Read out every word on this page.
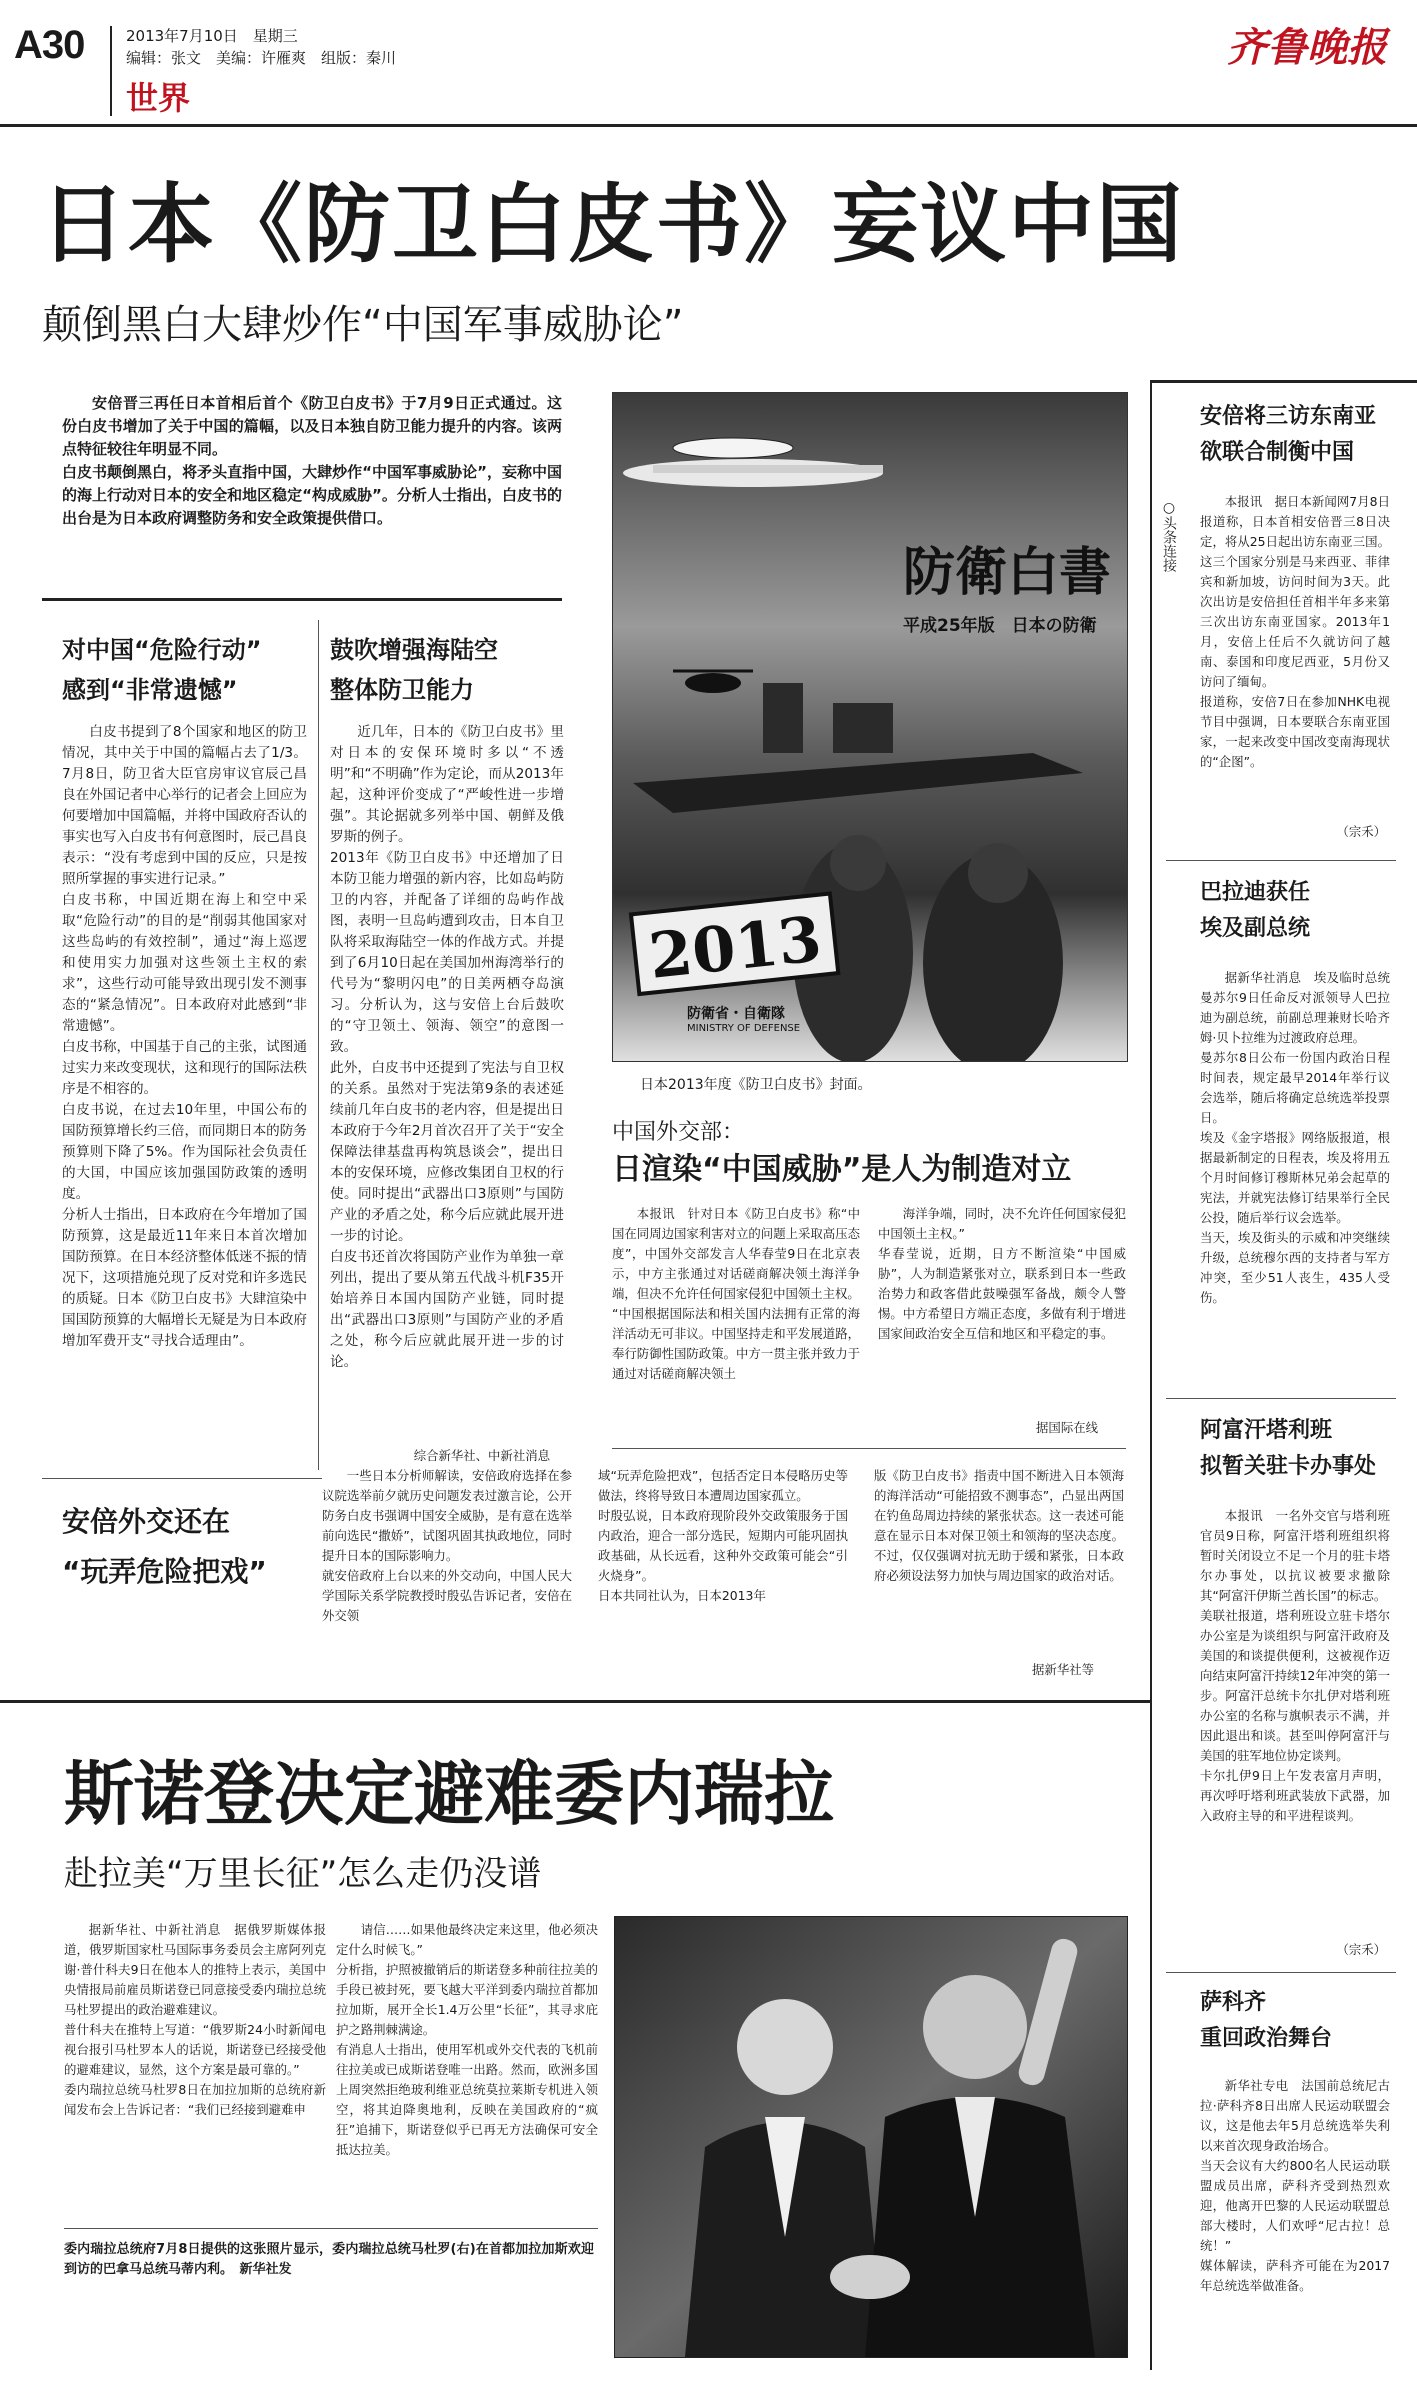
A30	2013年7月10日　星期三
编辑：张文　美编：许雁爽　组版：秦川
世界
齐鲁晚报
日本《防卫白皮书》妄议中国
颠倒黑白大肆炒作“中国军事威胁论”

安倍晋三再任日本首相后首个《防卫白皮书》于7月9日正式通过。这份白皮书增加了关于中国的篇幅，以及日本独自防卫能力提升的内容。该两点特征较往年明显不同。
白皮书颠倒黑白，将矛头直指中国，大肆炒作“中国军事威胁论”，妄称中国的海上行动对日本的安全和地区稳定“构成威胁”。分析人士指出，白皮书的出台是为日本政府调整防务和安全政策提供借口。

对中国“危险行动”
感到“非常遗憾”

白皮书提到了8个国家和地区的防卫情况，其中关于中国的篇幅占去了1/3。7月8日，防卫省大臣官房审议官辰己昌良在外国记者中心举行的记者会上回应为何要增加中国篇幅，并将中国政府否认的事实也写入白皮书有何意图时，辰己昌良表示：“没有考虑到中国的反应，只是按照所掌握的事实进行记录。”
白皮书称，中国近期在海上和空中采取“危险行动”的目的是“削弱其他国家对这些岛屿的有效控制”，通过“海上巡逻和使用实力加强对这些领土主权的索求”，这些行动可能导致出现引发不测事态的“紧急情况”。日本政府对此感到“非常遗憾”。
白皮书称，中国基于自己的主张，试图通过实力来改变现状，这和现行的国际法秩序是不相容的。
白皮书说，在过去10年里，中国公布的国防预算增长约三倍，而同期日本的防务预算则下降了5%。作为国际社会负责任的大国，中国应该加强国防政策的透明度。
分析人士指出，日本政府在今年增加了国防预算，这是最近11年来日本首次增加国防预算。在日本经济整体低迷不振的情况下，这项措施兑现了反对党和许多选民的质疑。日本《防卫白皮书》大肆渲染中国国防预算的大幅增长无疑是为日本政府增加军费开支“寻找合适理由”。

鼓吹增强海陆空
整体防卫能力

近几年，日本的《防卫白皮书》里对日本的安保环境时多以“不透明”和“不明确”作为定论，而从2013年起，这种评价变成了“严峻性进一步增强”。其论据就多列举中国、朝鲜及俄罗斯的例子。
2013年《防卫白皮书》中还增加了日本防卫能力增强的新内容，比如岛屿防卫的内容，并配备了详细的岛屿作战图，表明一旦岛屿遭到攻击，日本自卫队将采取海陆空一体的作战方式。并提到了6月10日起在美国加州海湾举行的代号为“黎明闪电”的日美两栖夺岛演习。分析认为，这与安倍上台后鼓吹的“守卫领土、领海、领空”的意图一致。
此外，白皮书中还提到了宪法与自卫权的关系。虽然对于宪法第9条的表述延续前几年白皮书的老内容，但是提出日本政府于今年2月首次召开了关于“安全保障法律基盘再构筑恳谈会”，提出日本的安保环境，应修改集团自卫权的行使。同时提出“武器出口3原则”与国防产业的矛盾之处，称今后应就此展开进一步的讨论。
白皮书还首次将国防产业作为单独一章列出，提出了要从第五代战斗机F35开始培养日本国内国防产业链，同时提出“武器出口3原则”与国防产业的矛盾之处，称今后应就此展开进一步的讨论。

综合新华社、中新社消息
防衛白書
平成25年版　日本の防衛
2013
防衛省・自衛隊
MINISTRY OF DEFENSE
日本2013年度《防卫白皮书》封面。
中国外交部：
日渲染“中国威胁”是人为制造对立

本报讯　针对日本《防卫白皮书》称“中国在同周边国家利害对立的问题上采取高压态度”，中国外交部发言人华春莹9日在北京表示，中方主张通过对话磋商解决领土海洋争端，但决不允许任何国家侵犯中国领土主权。
“中国根据国际法和相关国内法拥有正常的海洋活动无可非议。中国坚持走和平发展道路，奉行防御性国防政策。中方一贯主张并致力于通过对话磋商解决领土

海洋争端，同时，决不允许任何国家侵犯中国领土主权。”
华春莹说，近期，日方不断渲染“中国威胁”，人为制造紧张对立，联系到日本一些政治势力和政客借此鼓噪强军备战，颇令人警惕。中方希望日方端正态度，多做有利于增进国家间政治安全互信和地区和平稳定的事。

据国际在线
安倍外交还在
“玩弄危险把戏”

一些日本分析师解读，安倍政府选择在参议院选举前夕就历史问题发表过激言论，公开防务白皮书强调中国安全威胁，是有意在选举前向选民“撒娇”，试图巩固其执政地位，同时提升日本的国际影响力。
就安倍政府上台以来的外交动向，中国人民大学国际关系学院教授时殷弘告诉记者，安倍在外交领

域“玩弄危险把戏”，包括否定日本侵略历史等做法，终将导致日本遭周边国家孤立。
时殷弘说，日本政府现阶段外交政策服务于国内政治，迎合一部分选民，短期内可能巩固执政基础，从长远看，这种外交政策可能会“引火烧身”。
日本共同社认为，日本2013年

版《防卫白皮书》指责中国不断进入日本领海的海洋活动“可能招致不测事态”，凸显出两国在钓鱼岛周边持续的紧张状态。这一表述可能意在显示日本对保卫领土和领海的坚决态度。不过，仅仅强调对抗无助于缓和紧张，日本政府必须设法努力加快与周边国家的政治对话。

据新华社等
安倍将三访东南亚
欲联合制衡中国
○头条连接	本报讯　据日本新闻网7月8日报道称，日本首相安倍晋三8日决定，将从25日起出访东南亚三国。这三个国家分别是马来西亚、菲律宾和新加坡，访问时间为3天。此次出访是安倍担任首相半年多来第三次出访东南亚国家。2013年1月，安倍上任后不久就访问了越南、泰国和印度尼西亚，5月份又访问了缅甸。
报道称，安倍7日在参加NHK电视节目中强调，日本要联合东南亚国家，一起来改变中国改变南海现状的“企图”。

（宗禾）
巴拉迪获任
埃及副总统

据新华社消息　埃及临时总统曼苏尔9日任命反对派领导人巴拉迪为副总统，前副总理兼财长哈齐姆·贝卜拉维为过渡政府总理。
曼苏尔8日公布一份国内政治日程时间表，规定最早2014年举行议会选举，随后将确定总统选举投票日。
埃及《金字塔报》网络版报道，根据最新制定的日程表，埃及将用五个月时间修订穆斯林兄弟会起草的宪法，并就宪法修订结果举行全民公投，随后举行议会选举。
当天，埃及街头的示威和冲突继续升级，总统穆尔西的支持者与军方冲突，至少51人丧生，435人受伤。

阿富汗塔利班
拟暂关驻卡办事处

本报讯　一名外交官与塔利班官员9日称，阿富汗塔利班组织将暂时关闭设立不足一个月的驻卡塔尔办事处，以抗议被要求撤除其“阿富汗伊斯兰酋长国”的标志。
美联社报道，塔利班设立驻卡塔尔办公室是为谈组织与阿富汗政府及美国的和谈提供便利，这被视作迈向结束阿富汗持续12年冲突的第一步。阿富汗总统卡尔扎伊对塔利班办公室的名称与旗帜表示不满，并因此退出和谈。甚至叫停阿富汗与美国的驻军地位协定谈判。
卡尔扎伊9日上午发表富月声明，再次呼吁塔利班武装放下武器，加入政府主导的和平进程谈判。

（宗禾）
萨科齐
重回政治舞台

新华社专电　法国前总统尼古拉·萨科齐8日出席人民运动联盟会议，这是他去年5月总统选举失利以来首次现身政治场合。
当天会议有大约800名人民运动联盟成员出席，萨科齐受到热烈欢迎，他离开巴黎的人民运动联盟总部大楼时，人们欢呼“尼古拉！总统！”
媒体解读，萨科齐可能在为2017年总统选举做准备。

斯诺登决定避难委内瑞拉
赴拉美“万里长征”怎么走仍没谱

据新华社、中新社消息　据俄罗斯媒体报道，俄罗斯国家杜马国际事务委员会主席阿列克谢·普什科夫9日在他本人的推特上表示，美国中央情报局前雇员斯诺登已同意接受委内瑞拉总统马杜罗提出的政治避难建议。
普什科夫在推特上写道：“俄罗斯24小时新闻电视台报引马杜罗本人的话说，斯诺登已经接受他的避难建议，显然，这个方案是最可靠的。”
委内瑞拉总统马杜罗8日在加拉加斯的总统府新闻发布会上告诉记者：“我们已经接到避难申

请信……如果他最终决定来这里，他必须决定什么时候飞。”
分析指，护照被撤销后的斯诺登多种前往拉美的手段已被封死，要飞越大平洋到委内瑞拉首都加拉加斯，展开全长1.4万公里“长征”，其寻求庇护之路荆棘满途。
有消息人士指出，使用军机或外交代表的飞机前往拉美或已成斯诺登唯一出路。然而，欧洲多国上周突然拒绝玻利维亚总统莫拉莱斯专机进入领空，将其迫降奥地利，反映在美国政府的“疯狂”追捕下，斯诺登似乎已再无方法确保可安全抵达拉美。

委内瑞拉总统府7月8日提供的这张照片显示，委内瑞拉总统马杜罗(右)在首都加拉加斯欢迎到访的巴拿马总统马蒂内利。　新华社发
